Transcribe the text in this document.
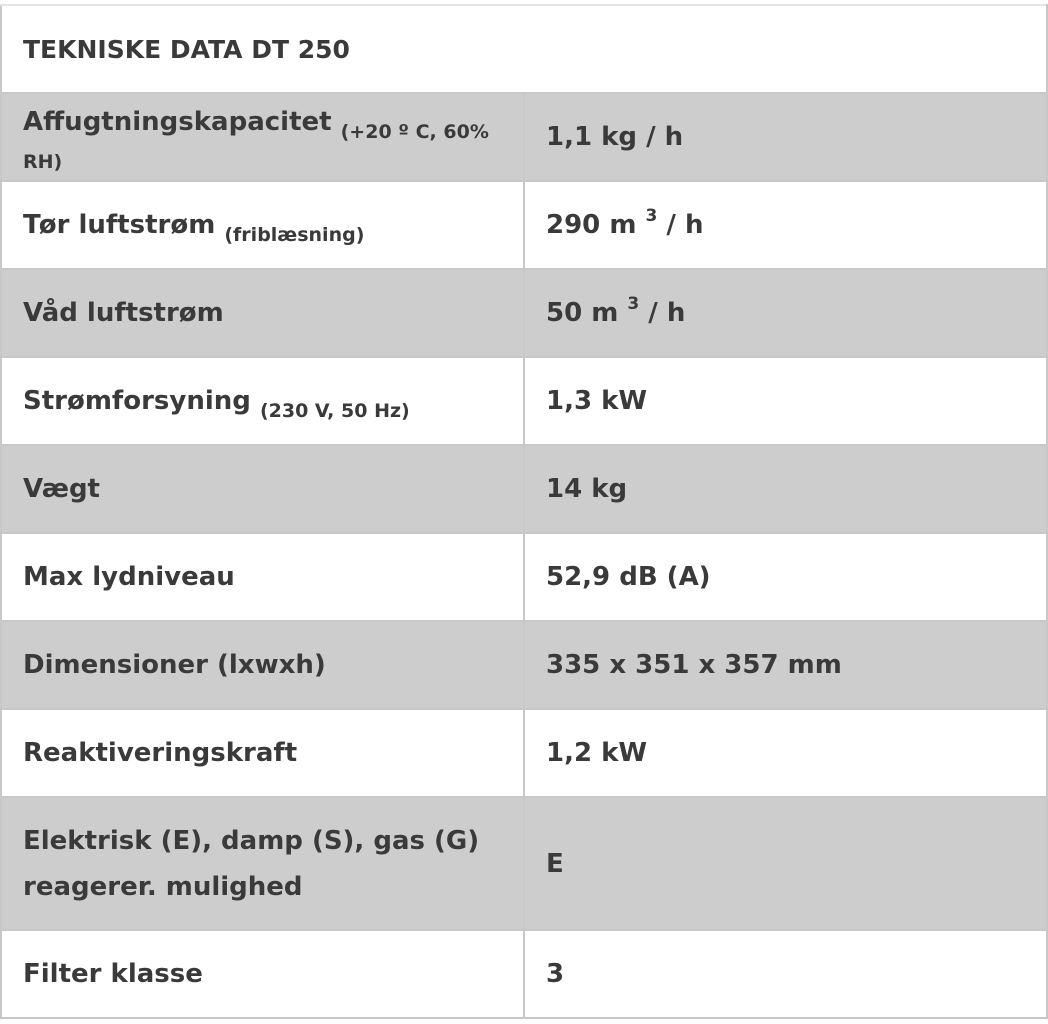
TEKNISKE DATA DT 250	
Affugtningskapacitet $_{(+20 º C, 60\% RH)}$	1,1 kg / h
Tør luftstrøm $_{(friblæsning)}$	290 m $^3$ / h
Våd luftstrøm	50 m $^3$ / h
Strømforsyning $_{(230 V, 50 Hz)}$	1,3 kW
Vægt	14 kg
Max lydniveau	52,9 dB (A)
Dimensioner (lxwxh)	335 x 351 x 357 mm
Reaktiveringskraft	1,2 kW
Elektrisk (E), damp (S), gas (G) reagerer. mulighed	E
Filter klasse	3
